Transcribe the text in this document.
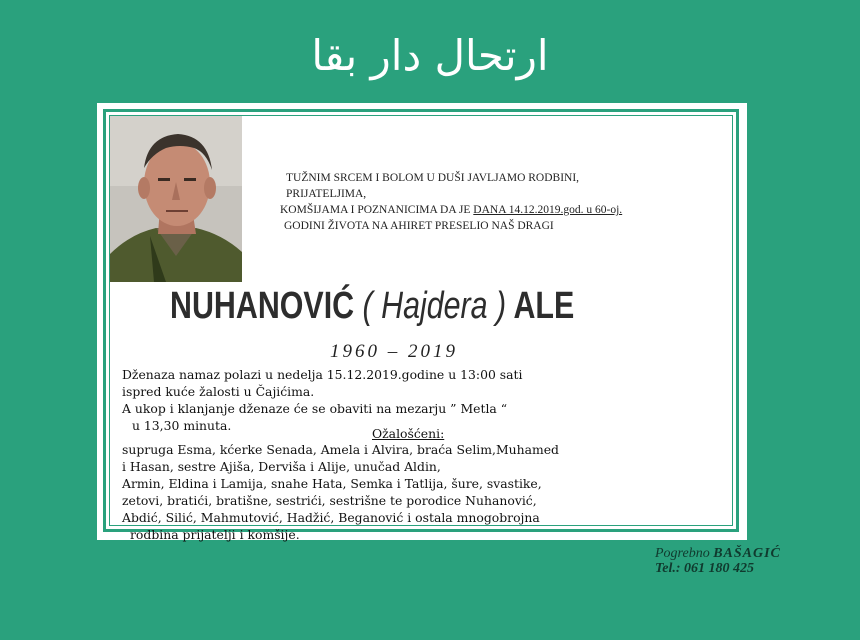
ارتحال دار بقا
TUŽNIM SRCEM I BOLOM U DUŠI JAVLJAMO RODBINI, PRIJATELJIMA,
KOMŠIJAMA I POZNANICIMA DA JE DANA 14.12.2019.god. u 60-oj.
GODINI ŽIVOTA NA AHIRET PRESELIO NAŠ DRAGI
NUHANOVIĆ ( Hajdera ) ALE
1960 – 2019

Dženaza namaz polazi u nedelja 15.12.2019.godine u 13:00 sati

ispred kuće žalosti u Čajićima.

A ukop i klanjanje dženaze će se obaviti na mezarju ” Metla “

u 13,30 minuta.

Ožalošćeni:
supruga Esma, kćerke Senada, Amela i Alvira, braća Selim,Muhamed
i Hasan, sestre Ajiša, Derviša i Alije, unučad Aldin,
Armin, Eldina i Lamija, snahe Hata, Semka i Tatlija, šure, svastike,
zetovi, bratići, bratišne, sestrići, sestrišne te porodice Nuhanović,
Abdić, Silić, Mahmutović, Hadžić, Beganović i ostala mnogobrojna
rodbina prijatelji i komšije.
Pogrebno BAŠAGIĆ
Tel.: 061 180 425
